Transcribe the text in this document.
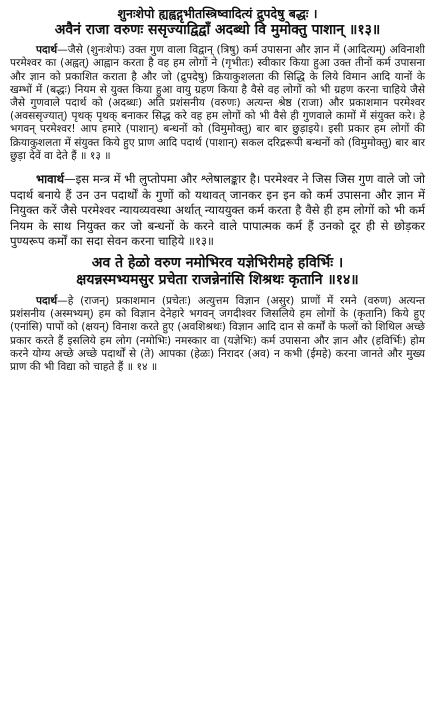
शुनःशेपो ह्यह्वद्गृभीतस्त्रिष्वादित्यं द्रुपदेषु बद्धः ।
अवैनं राजा वरुणः ससृज्याद्विद्वाँ अदब्धो वि मुमोक्तु पाशान् ॥१३॥

पदार्थ—जैसे (शुनःशेपः) उक्त गुण वाला विद्वान् (त्रिषु) कर्म उपासना और ज्ञान में (आदित्यम्) अविनाशी परमेश्वर का (अह्वत्) आह्वान करता है वह हम लोगों ने (गृभीतः) स्वीकार किया हुआ उक्त तीनों कर्म उपासना और ज्ञान को प्रकाशित कराता है और जो (द्रुपदेषु) क्रियाकुशलता की सिद्धि के लिये विमान आदि यानों के खम्भों में (बद्धः) नियम से युक्त किया हुआ वायु ग्रहण किया है वैसे वह लोगों को भी ग्रहण करना चाहिये जैसे जैसे गुणवाले पदार्थ को (अदब्धः) अति प्रशंसनीय (वरुणः) अत्यन्त श्रेष्ठ (राजा) और प्रकाशमान परमेश्वर (अवससृज्यात्) पृथक् पृथक् बनाकर सिद्ध करे वह हम लोगों को भी वैसे ही गुणवाले कामों में संयुक्त करे। हे भगवन् परमेश्वर! आप हमारे (पाशान्) बन्धनों को (विमुमोक्तु) बार बार छुड़ाइये। इसी प्रकार हम लोगों की क्रियाकुशलता में संयुक्त किये हुए प्राण आदि पदार्थ (पाशान्) सकल दरिद्ररूपी बन्धनों को (विमुमोक्तु) बार बार छुड़ा देवें वा देते हैं ॥ १३ ॥

भावार्थ—इस मन्त्र में भी लुप्तोपमा और श्लेषालङ्कार है। परमेश्वर ने जिस जिस गुण वाले जो जो पदार्थ बनाये हैं उन उन पदार्थों के गुणों को यथावत् जानकर इन इन को कर्म उपासना और ज्ञान में नियुक्त करें जैसे परमेश्वर न्यायव्यवस्था अर्थात् न्याययुक्त कर्म करता है वैसे ही हम लोगों को भी कर्म नियम के साथ नियुक्त कर जो बन्धनों के करने वाले पापात्मक कर्म हैं उनको दूर ही से छोड़कर पुण्यरूप कर्मों का सदा सेवन करना चाहिये ॥१३॥

अव ते हेळो वरुण नमोभिरव यज्ञेभिरीमहे हविर्भिः ।
क्षयन्नस्मभ्यमसुर प्रचेता राजन्नेनांसि शिश्रथः कृतानि ॥१४॥

पदार्थ—हे (राजन्) प्रकाशमान (प्रचेतः) अत्युत्तम विज्ञान (असुर) प्राणों में रमने (वरुण) अत्यन्त प्रशंसनीय (अस्मभ्यम्) हम को विज्ञान देनेहारे भगवन् जगदीश्वर जिसलिये हम लोगों के (कृतानि) किये हुए (एनांसि) पापों को (क्षयन्) विनाश करते हुए (अवशिश्रथः) विज्ञान आदि दान से कर्मों के फलों को शिथिल अच्छे प्रकार करते हैं इसलिये हम लोग (नमोभिः) नमस्कार वा (यज्ञेभिः) कर्म उपासना और ज्ञान और (हविर्भिः) होम करने योग्य अच्छे अच्छे पदार्थों से (ते) आपका (हेळः) निरादर (अव) न कभी (ईमहे) करना जानते और मुख्य प्राण की भी विद्या को चाहते हैं ॥ १४ ॥
